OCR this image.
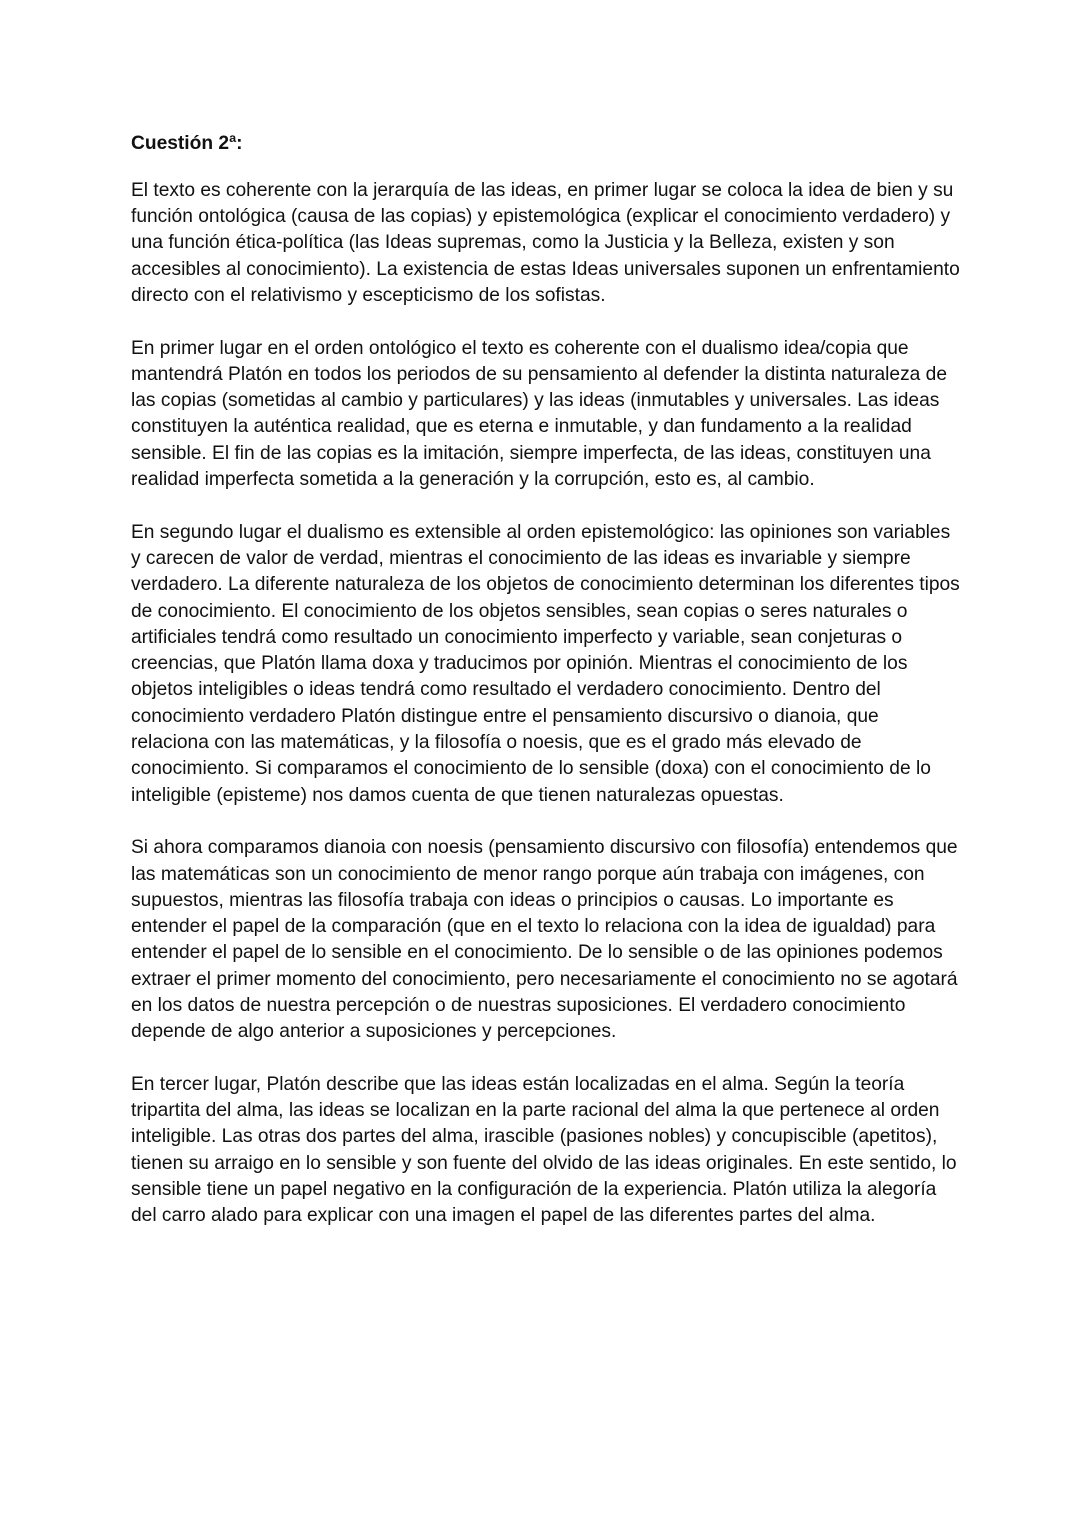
Cuestión 2ª:

El texto es coherente con la jerarquía de las ideas, en primer lugar se coloca la idea de bien y su función ontológica (causa de las copias) y epistemológica (explicar el conocimiento verdadero) y una función ética-política (las Ideas supremas, como la Justicia y la Belleza, existen y son accesibles al conocimiento). La existencia de estas Ideas universales suponen un enfrentamiento directo con el relativismo y escepticismo de los sofistas.

En primer lugar en el orden ontológico el texto es coherente con el dualismo idea/copia que mantendrá Platón en todos los periodos de su pensamiento al defender la distinta naturaleza de las copias (sometidas al cambio y particulares) y las ideas (inmutables y universales. Las ideas constituyen la auténtica realidad, que es eterna e inmutable, y dan fundamento a la realidad sensible. El fin de las copias es la imitación, siempre imperfecta, de las ideas, constituyen una realidad imperfecta sometida a la generación y la corrupción, esto es, al cambio.

En segundo lugar el dualismo es extensible al orden epistemológico: las opiniones son variables y carecen de valor de verdad, mientras el conocimiento de las ideas es invariable y siempre verdadero. La diferente naturaleza de los objetos de conocimiento determinan los diferentes tipos de conocimiento. El conocimiento de los objetos sensibles, sean copias o seres naturales o artificiales tendrá como resultado un conocimiento imperfecto y variable, sean conjeturas o creencias, que Platón llama doxa y traducimos por opinión. Mientras el conocimiento de los objetos inteligibles o ideas tendrá como resultado el verdadero conocimiento. Dentro del conocimiento verdadero Platón distingue entre el pensamiento discursivo o dianoia, que relaciona con las matemáticas, y la filosofía o noesis, que es el grado más elevado de conocimiento. Si comparamos el conocimiento de lo sensible (doxa) con el conocimiento de lo inteligible (episteme) nos damos cuenta de que tienen naturalezas opuestas.

Si ahora comparamos dianoia con noesis (pensamiento discursivo con filosofía) entendemos que las matemáticas son un conocimiento de menor rango porque aún trabaja con imágenes, con supuestos, mientras las filosofía trabaja con ideas o principios o causas. Lo importante es entender el papel de la comparación (que en el texto lo relaciona con la idea de igualdad) para entender el papel de lo sensible en el conocimiento. De lo sensible o de las opiniones podemos extraer el primer momento del conocimiento, pero necesariamente el conocimiento no se agotará en los datos de nuestra percepción o de nuestras suposiciones. El verdadero conocimiento depende de algo anterior a suposiciones y percepciones.

En tercer lugar, Platón describe que las ideas están localizadas en el alma. Según la teoría tripartita del alma, las ideas se localizan en la parte racional del alma la que pertenece al orden inteligible. Las otras dos partes del alma, irascible (pasiones nobles) y concupiscible (apetitos), tienen su arraigo en lo sensible y son fuente del olvido de las ideas originales. En este sentido, lo sensible tiene un papel negativo en la configuración de la experiencia. Platón utiliza la alegoría del carro alado para explicar con una imagen el papel de las diferentes partes del alma.
